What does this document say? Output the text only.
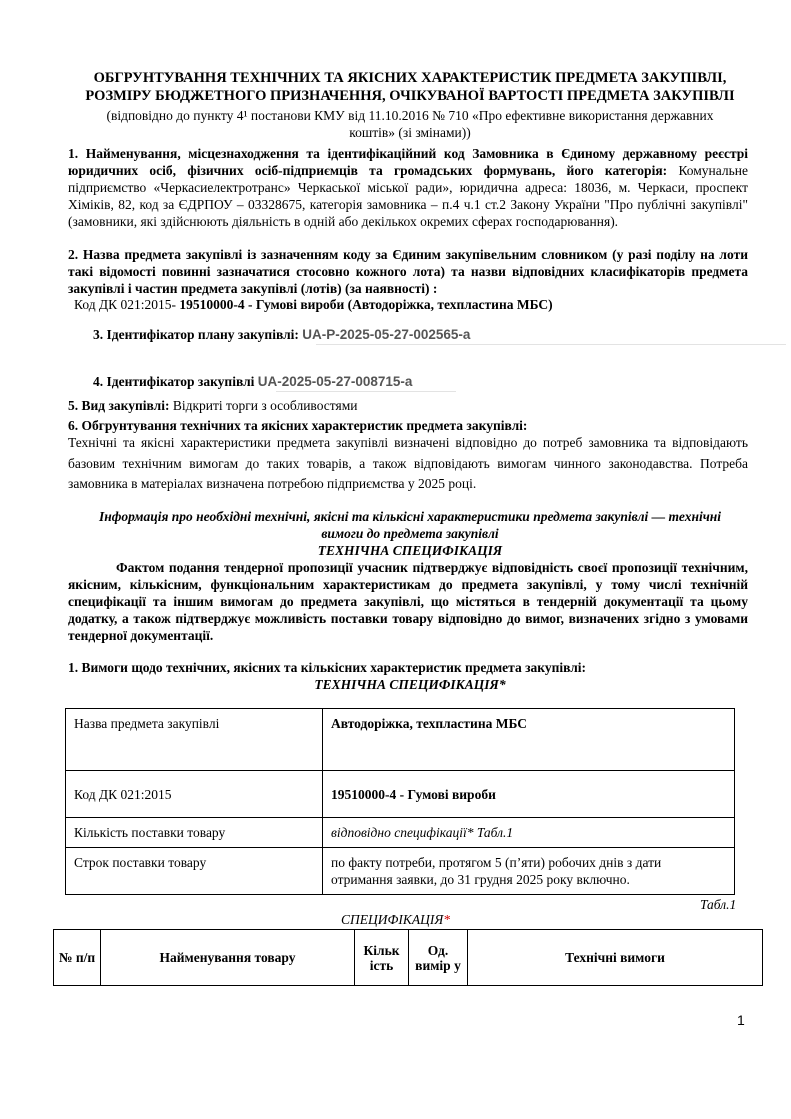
ОБГРУНТУВАННЯ ТЕХНІЧНИХ ТА ЯКІСНИХ ХАРАКТЕРИСТИК ПРЕДМЕТА ЗАКУПІВЛІ,
РОЗМІРУ БЮДЖЕТНОГО ПРИЗНАЧЕННЯ, ОЧІКУВАНОЇ ВАРТОСТІ ПРЕДМЕТА ЗАКУПІВЛІ
(відповідно до пункту 4¹ постанови КМУ від 11.10.2016 № 710 «Про ефективне використання державних
коштів» (зі змінами))
1. Найменування, місцезнаходження та ідентифікаційний код Замовника в Єдиному державному реєстрі юридичних осіб, фізичних осіб-підприємців та громадських формувань, його категорія: Комунальне підприємство «Черкасиелектротранс» Черкаської міської ради», юридична адреса: 18036, м. Черкаси, проспект Хіміків, 82, код за ЄДРПОУ – 03328675, категорія замовника – п.4 ч.1 ст.2 Закону України "Про публічні закупівлі" (замовники, які здійснюють діяльність в одній або декількох окремих сферах господарювання).
2. Назва предмета закупівлі із зазначенням коду за Єдиним закупівельним словником (у разі поділу на лоти такі відомості повинні зазначатися стосовно кожного лота) та назви відповідних класифікаторів предмета закупівлі і частин предмета закупівлі (лотів) (за наявності) :
Код ДК 021:2015- 19510000-4 - Гумові вироби (Автодоріжка, техпластина МБС)
3. Ідентифікатор плану закупівлі: UA-P-2025-05-27-002565-a
4. Ідентифікатор закупівлі UA-2025-05-27-008715-a
5. Вид закупівлі: Відкриті торги з особливостями
6. Обгрунтування технічних та якісних характеристик предмета закупівлі:
Технічні та якісні характеристики предмета закупівлі визначені відповідно до потреб замовника та відповідають базовим технічним вимогам до таких товарів, а також відповідають вимогам чинного законодавства. Потреба замовника в матеріалах визначена потребою підприємства у 2025 році.
Інформація про необхідні технічні, якісні та кількісні характеристики предмета закупівлі — технічні
вимоги до предмета закупівлі
ТЕХНІЧНА СПЕЦИФІКАЦІЯ
Фактом подання тендерної пропозиції учасник підтверджує відповідність своєї пропозиції технічним, якісним, кількісним, функціональним характеристикам до предмета закупівлі, у тому числі технічній специфікації та іншим вимогам до предмета закупівлі, що містяться в тендерній документації та цьому додатку, а також підтверджує можливість поставки товару відповідно до вимог, визначених згідно з умовами тендерної документації.
1. Вимоги щодо технічних, якісних та кількісних характеристик предмета закупівлі:
ТЕХНІЧНА СПЕЦИФІКАЦІЯ*
Назва предмета закупівлі	Автодоріжка, техпластина МБС
Код ДК 021:2015	19510000-4 - Гумові вироби
Кількість поставки товару	відповідно специфікації* Табл.1
Строк поставки товару	по факту потреби, протягом 5 (п’яти) робочих днів з дати отримання заявки, до 31 грудня 2025 року включно.
Табл.1
СПЕЦИФІКАЦІЯ*
№ п/п	Найменування товару	Кільк ість	Од. вимір у	Технічні вимоги
1
